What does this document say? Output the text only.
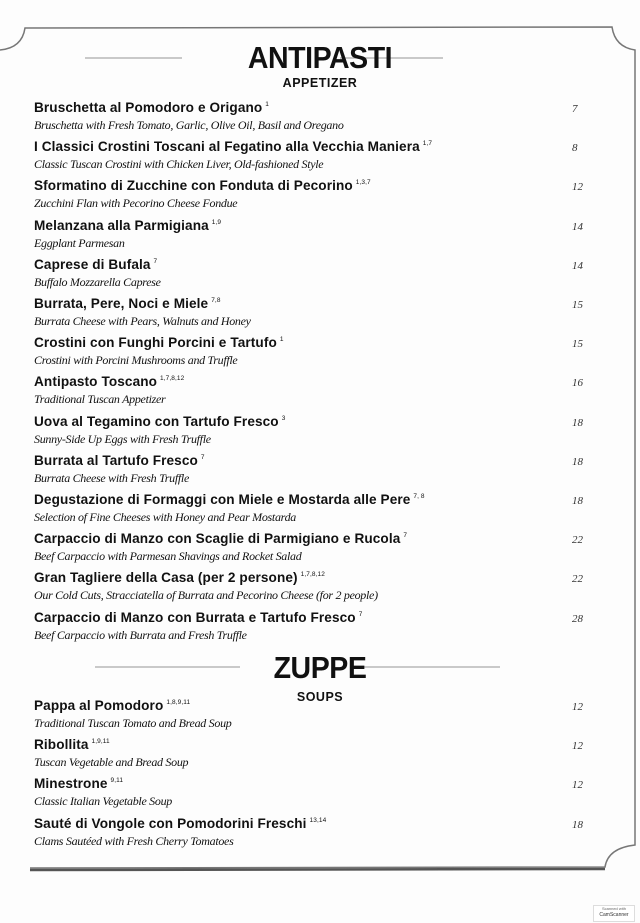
ANTIPASTI
APPETIZER
Bruschetta al Pomodoro e Origano $^1$
Bruschetta with Fresh Tomato, Garlic, Olive Oil, Basil and Oregano
7
I Classici Crostini Toscani al Fegatino alla Vecchia Maniera $^{1,7}$
Classic Tuscan Crostini with Chicken Liver, Old-fashioned Style
8
Sformatino di Zucchine con Fonduta di Pecorino $^{1,3,7}$
Zucchini Flan with Pecorino Cheese Fondue
12
Melanzana alla Parmigiana $^{1,9}$
Eggplant Parmesan
14
Caprese di Bufala $^7$
Buffalo Mozzarella Caprese
14
Burrata, Pere, Noci e Miele $^{7,8}$
Burrata Cheese with Pears, Walnuts and Honey
15
Crostini con Funghi Porcini e Tartufo $^1$
Crostini with Porcini Mushrooms and Truffle
15
Antipasto Toscano $^{1,7,8,12}$
Traditional Tuscan Appetizer
16
Uova al Tegamino con Tartufo Fresco $^3$
Sunny-Side Up Eggs with Fresh Truffle
18
Burrata al Tartufo Fresco $^7$
Burrata Cheese with Fresh Truffle
18
Degustazione di Formaggi con Miele e Mostarda alle Pere $^{7, 8}$
Selection of Fine Cheeses with Honey and Pear Mostarda
18
Carpaccio di Manzo con Scaglie di Parmigiano e Rucola $^7$
Beef Carpaccio with Parmesan Shavings and Rocket Salad
22
Gran Tagliere della Casa (per 2 persone) $^{1,7,8,12}$
Our Cold Cuts, Stracciatella of Burrata and Pecorino Cheese (for 2 people)
22
Carpaccio di Manzo con Burrata e Tartufo Fresco $^7$
Beef Carpaccio with Burrata and Fresh Truffle
28
ZUPPE
SOUPS
Pappa al Pomodoro $^{1,8,9,11}$
Traditional Tuscan Tomato and Bread Soup
12
Ribollita $^{1,9,11}$
Tuscan Vegetable and Bread Soup
12
Minestrone $^{9,11}$
Classic Italian Vegetable Soup
12
Sauté di Vongole con Pomodorini Freschi $^{13,14}$
Clams Sautéed with Fresh Cherry Tomatoes
18
Scanned with
CamScanner
